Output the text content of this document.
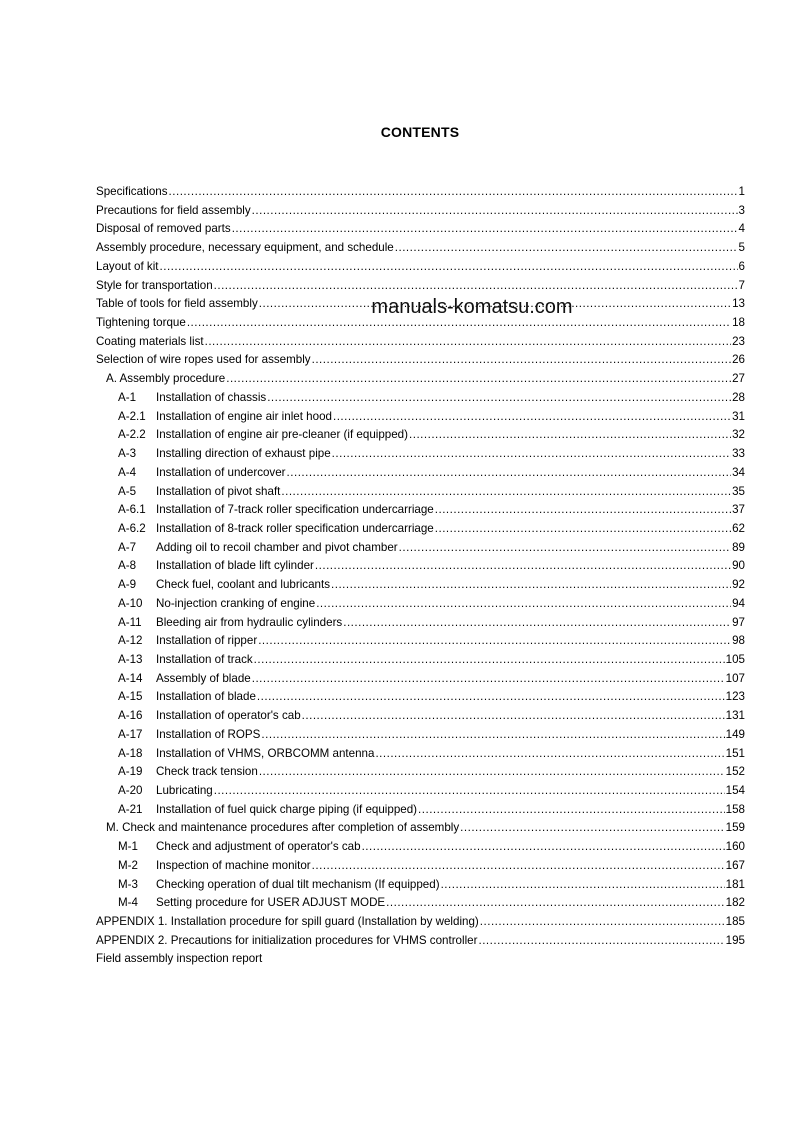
CONTENTS
Specifications .....	1
Precautions for field assembly .....	3
Disposal of removed parts .....	4
Assembly procedure, necessary equipment, and schedule .....	5
Layout of kit .....	6
Style for transportation .....	7
Table of tools for field assembly .....	13
Tightening torque .....	18
Coating materials list .....	23
Selection of wire ropes used for assembly .....	26
A. Assembly procedure .....	27
A-1	Installation of chassis .....	28
A-2.1 Installation of engine air inlet hood .....	31
A-2.2 Installation of engine air pre-cleaner (if equipped) .....	32
A-3	Installing direction of exhaust pipe .....	33
A-4	Installation of undercover .....	34
A-5	Installation of pivot shaft .....	35
A-6.1 Installation of 7-track roller specification undercarriage .....	37
A-6.2 Installation of 8-track roller specification undercarriage .....	62
A-7	Adding oil to recoil chamber and pivot chamber .....	89
A-8	Installation of blade lift cylinder .....	90
A-9	Check fuel, coolant and lubricants .....	92
A-10	No-injection cranking of engine .....	94
A-11	Bleeding air from hydraulic cylinders .....	97
A-12	Installation of ripper .....	98
A-13	Installation of track .....	105
A-14	Assembly of blade .....	107
A-15	Installation of blade .....	123
A-16	Installation of operator's cab .....	131
A-17	Installation of ROPS .....	149
A-18	Installation of VHMS, ORBCOMM antenna .....	151
A-19	Check track tension .....	152
A-20	Lubricating .....	154
A-21	Installation of fuel quick charge piping (if equipped) .....	158
M. Check and maintenance procedures after completion of assembly .....	159
M-1	Check and adjustment of operator's cab .....	160
M-2	Inspection of machine monitor .....	167
M-3	Checking operation of dual tilt mechanism (If equipped) .....	181
M-4	Setting procedure for USER ADJUST MODE .....	182
APPENDIX 1. Installation procedure for spill guard (Installation by welding) .....	185
APPENDIX 2. Precautions for initialization procedures for VHMS controller .....	195
Field assembly inspection report
manuals-komatsu.com
